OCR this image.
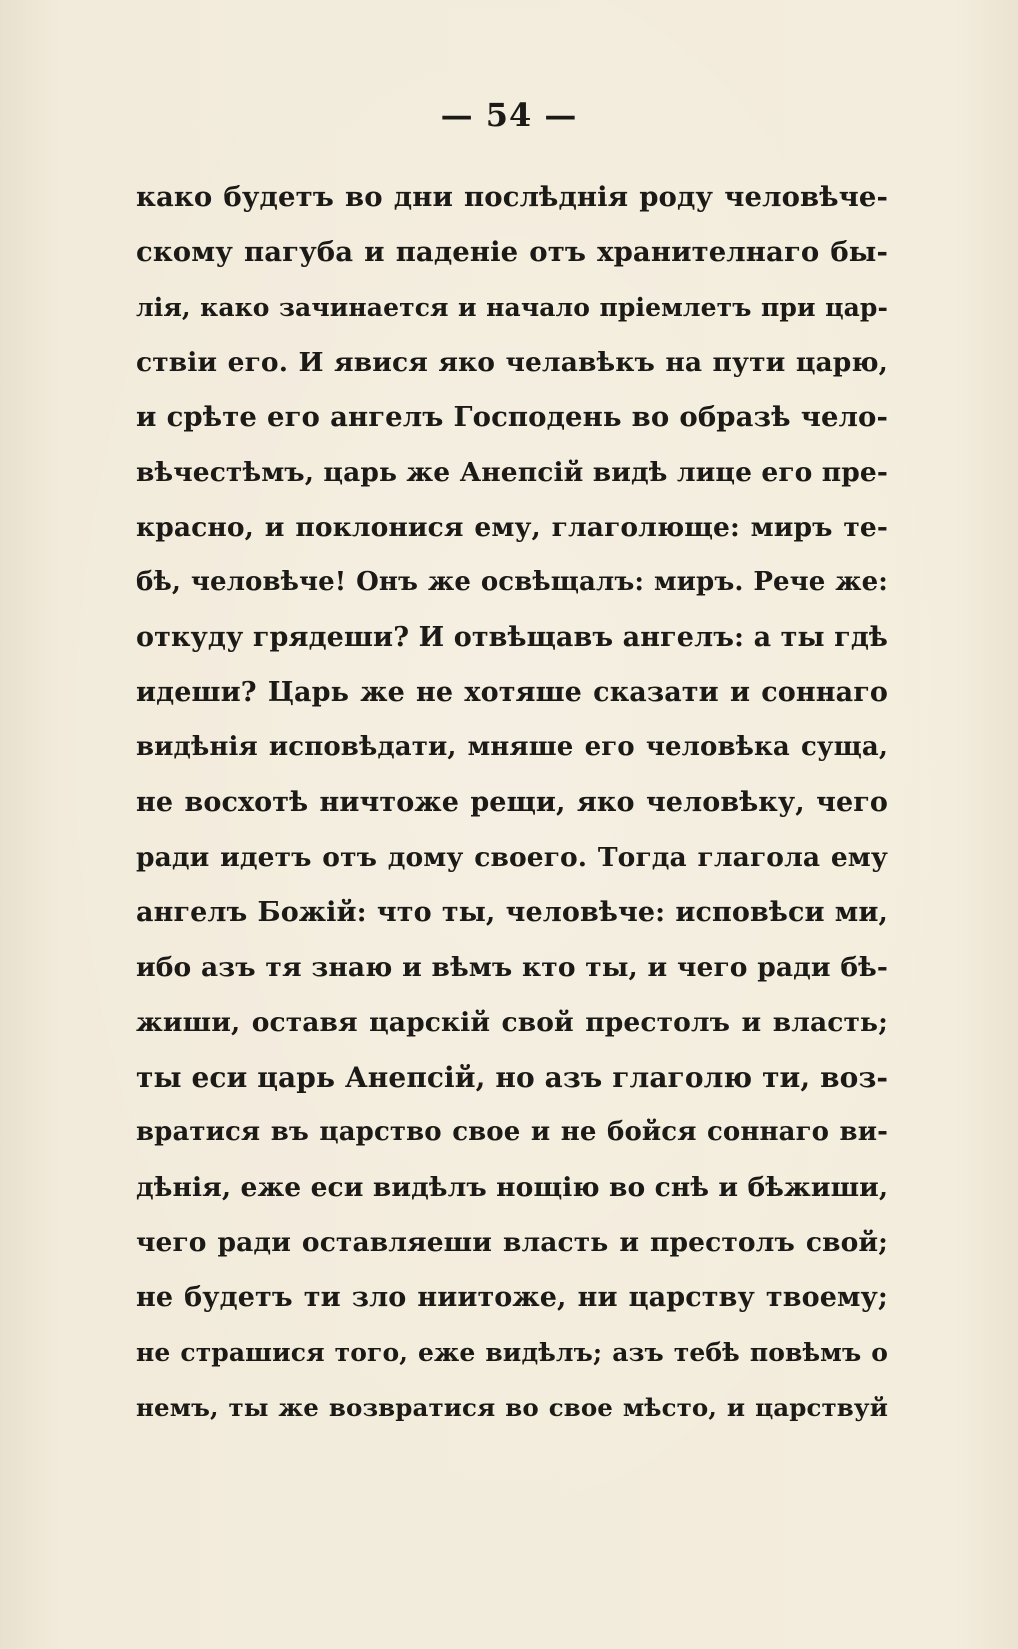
— 54 —
како будетъ во дни послѣднія роду человѣче-
скому пагуба и паденіе отъ хранителнаго бы-
лія, како зачинается и начало пріемлетъ при цар-
ствіи его. И явися яко челавѣкъ на пути царю,
и срѣте его ангелъ Господень во образѣ чело-
вѣчестѣмъ, царь же Анепсій видѣ лице его пре-
красно, и поклонися ему, глаголюще: миръ те-
бѣ, человѣче! Онъ же освѣщалъ: миръ. Рече же:
откуду грядеши? И отвѣщавъ ангелъ: а ты гдѣ
идеши? Царь же не хотяше сказати и соннаго
видѣнія исповѣдати, мняше его человѣка суща,
не восхотѣ ничтоже рещи, яко человѣку, чего
ради идетъ отъ дому своего. Тогда глагола ему
ангелъ Божій: что ты, человѣче: исповѣси ми,
ибо азъ тя знаю и вѣмъ кто ты, и чего ради бѣ-
жиши, оставя царскій свой престолъ и власть;
ты еси царь Анепсій, но азъ глаголю ти, воз-
вратися въ царство свое и не бойся соннаго ви-
дѣнія, еже еси видѣлъ нощію во снѣ и бѣжиши,
чего ради оставляеши власть и престолъ свой;
не будетъ ти зло ниитоже, ни царству твоему;
не страшися того, еже видѣлъ; азъ тебѣ повѣмъ о
немъ, ты же возвратися во свое мѣсто, и царствуй
